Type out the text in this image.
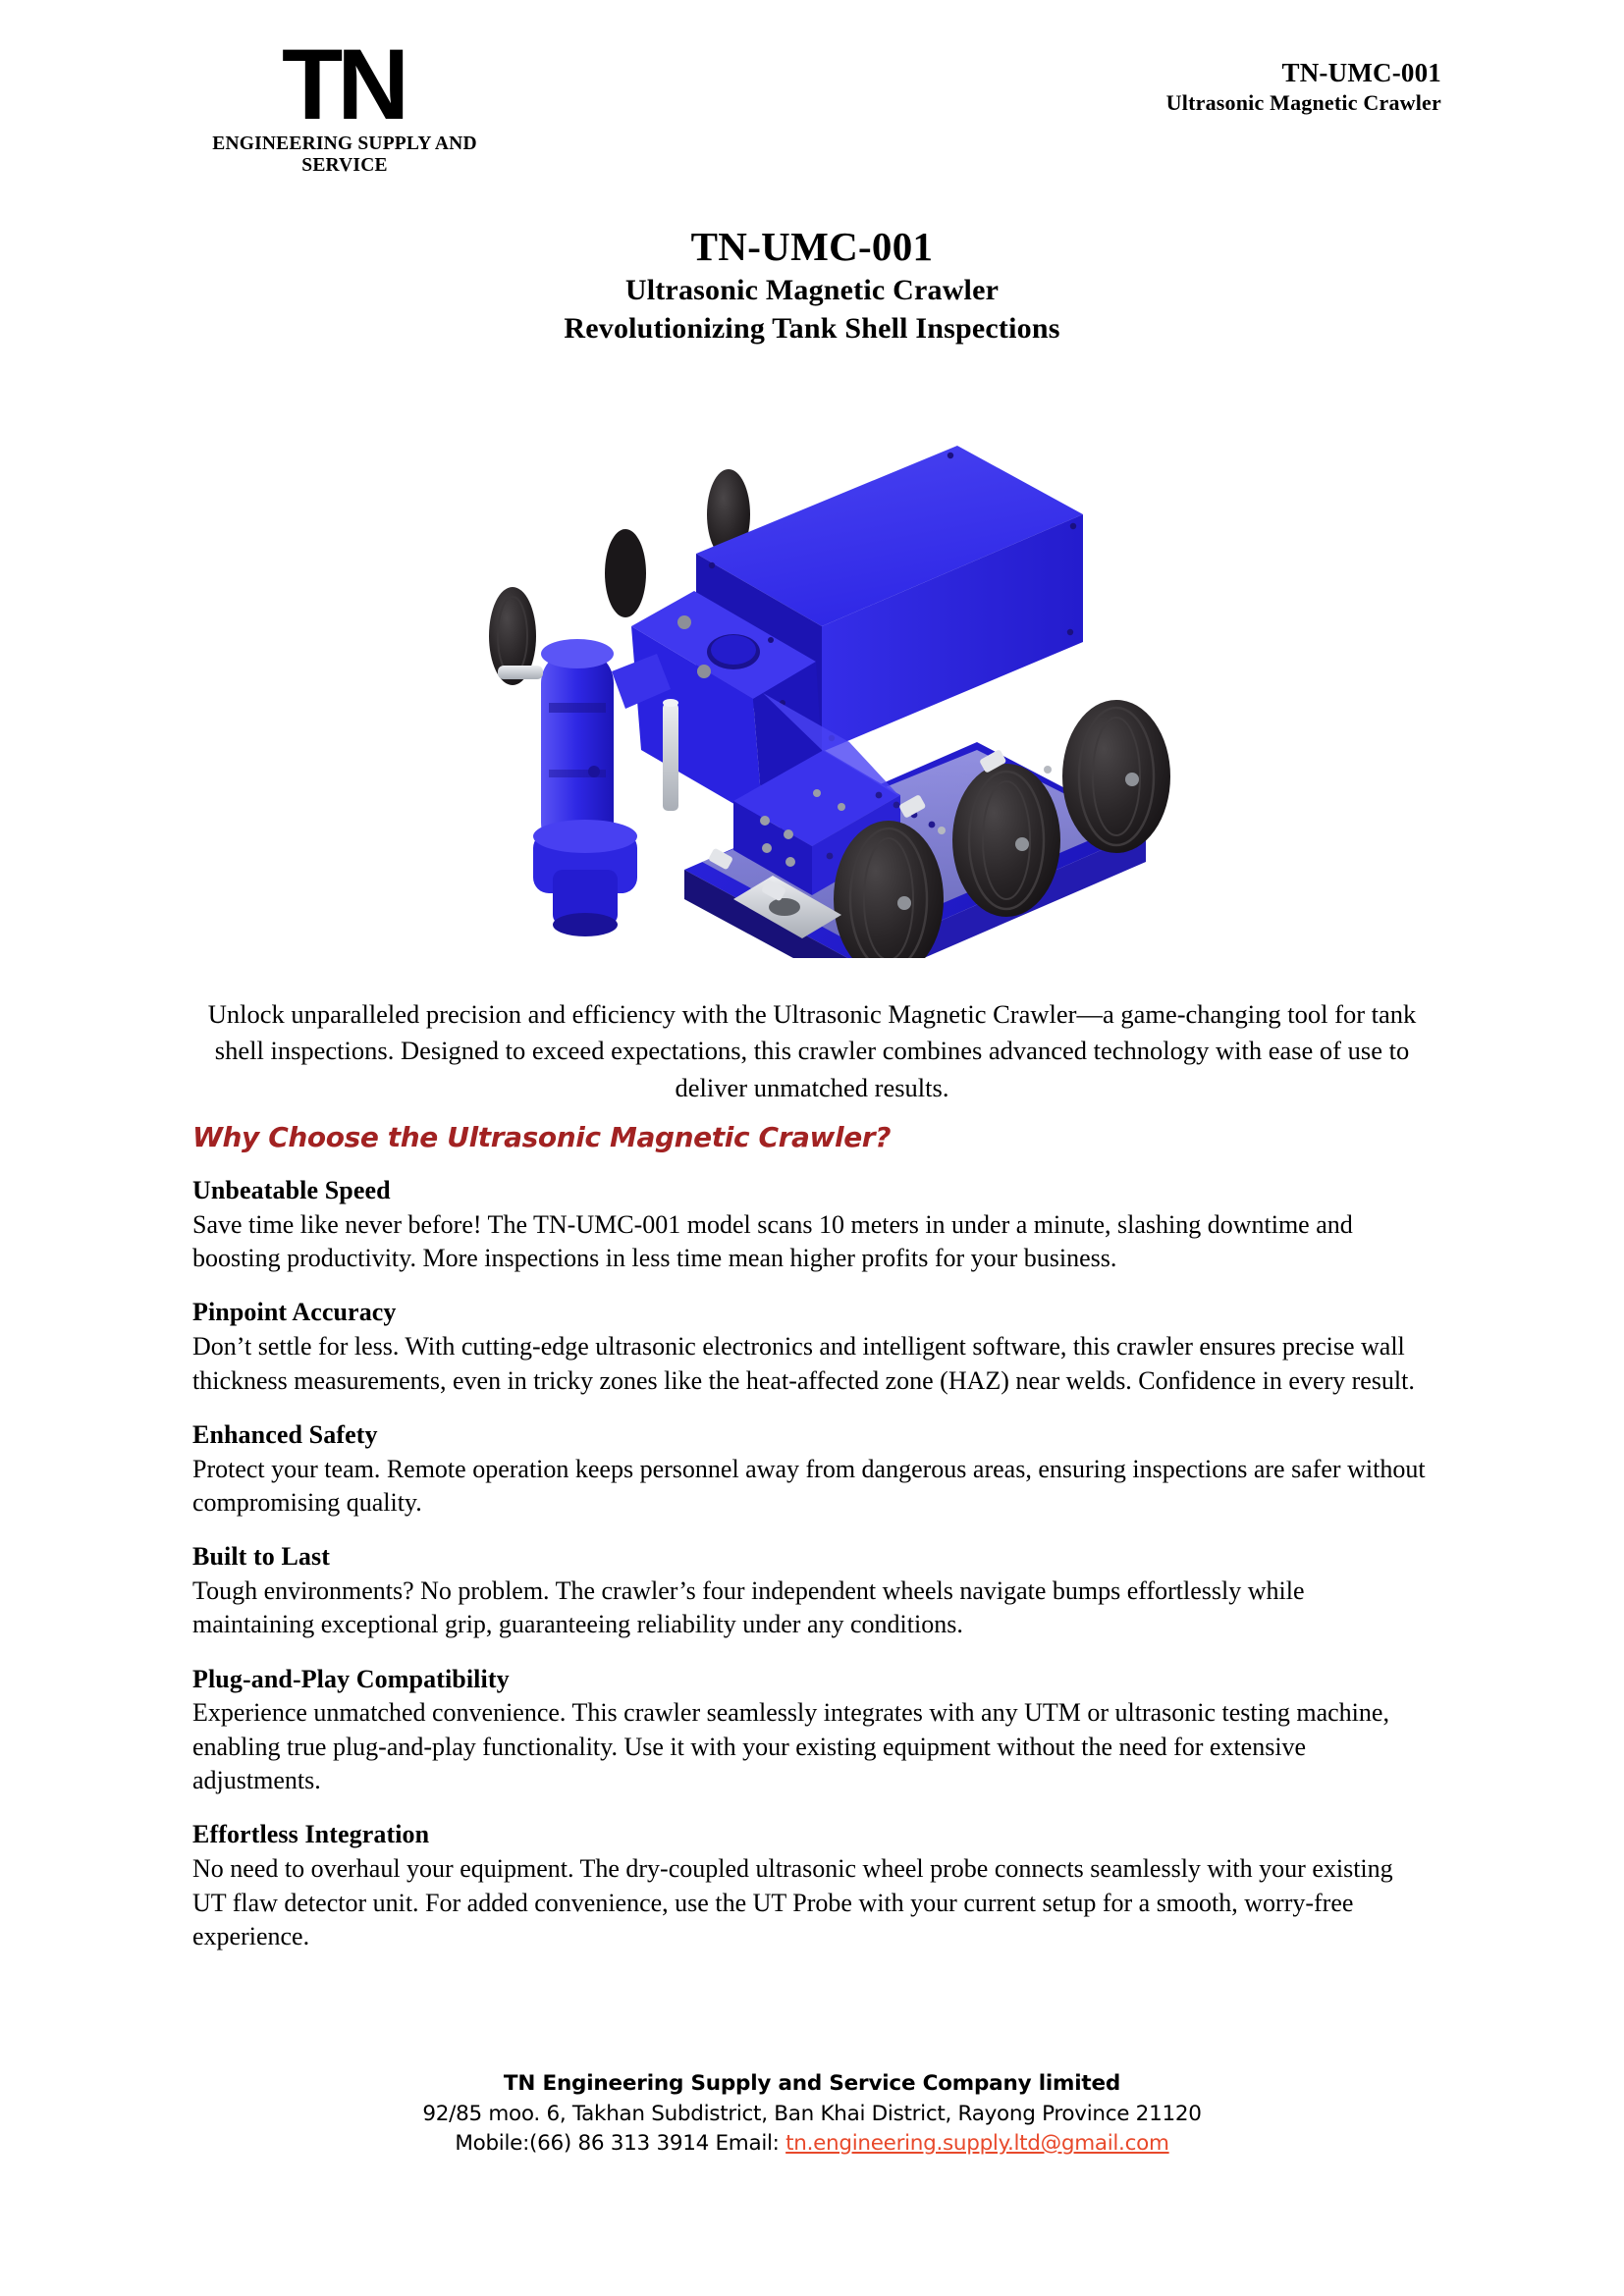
TN
ENGINEERING SUPPLY AND SERVICE
TN-UMC-001
Ultrasonic Magnetic Crawler
TN-UMC-001
Ultrasonic Magnetic Crawler
Revolutionizing Tank Shell Inspections

Unlock unparalleled precision and efficiency with the Ultrasonic Magnetic Crawler—a game-changing tool for tank shell inspections. Designed to exceed expectations, this crawler combines advanced technology with ease of use to deliver unmatched results.

Why Choose the Ultrasonic Magnetic Crawler?

Unbeatable Speed

Save time like never before! The TN-UMC-001 model scans 10 meters in under a minute, slashing downtime and boosting productivity. More inspections in less time mean higher profits for your business.

Pinpoint Accuracy

Don’t settle for less. With cutting-edge ultrasonic electronics and intelligent software, this crawler ensures precise wall thickness measurements, even in tricky zones like the heat-affected zone (HAZ) near welds. Confidence in every result.

Enhanced Safety

Protect your team. Remote operation keeps personnel away from dangerous areas, ensuring inspections are safer without compromising quality.

Built to Last

Tough environments? No problem. The crawler’s four independent wheels navigate bumps effortlessly while maintaining exceptional grip, guaranteeing reliability under any conditions.

Plug-and-Play Compatibility

Experience unmatched convenience. This crawler seamlessly integrates with any UTM or ultrasonic testing machine, enabling true plug-and-play functionality. Use it with your existing equipment without the need for extensive adjustments.

Effortless Integration

No need to overhaul your equipment. The dry-coupled ultrasonic wheel probe connects seamlessly with your existing UT flaw detector unit. For added convenience, use the UT Probe with your current setup for a smooth, worry-free experience.

TN Engineering Supply and Service Company limited
92/85 moo. 6, Takhan Subdistrict, Ban Khai District, Rayong Province 21120
Mobile:(66) 86 313 3914 Email: tn.engineering.supply.ltd@gmail.com
